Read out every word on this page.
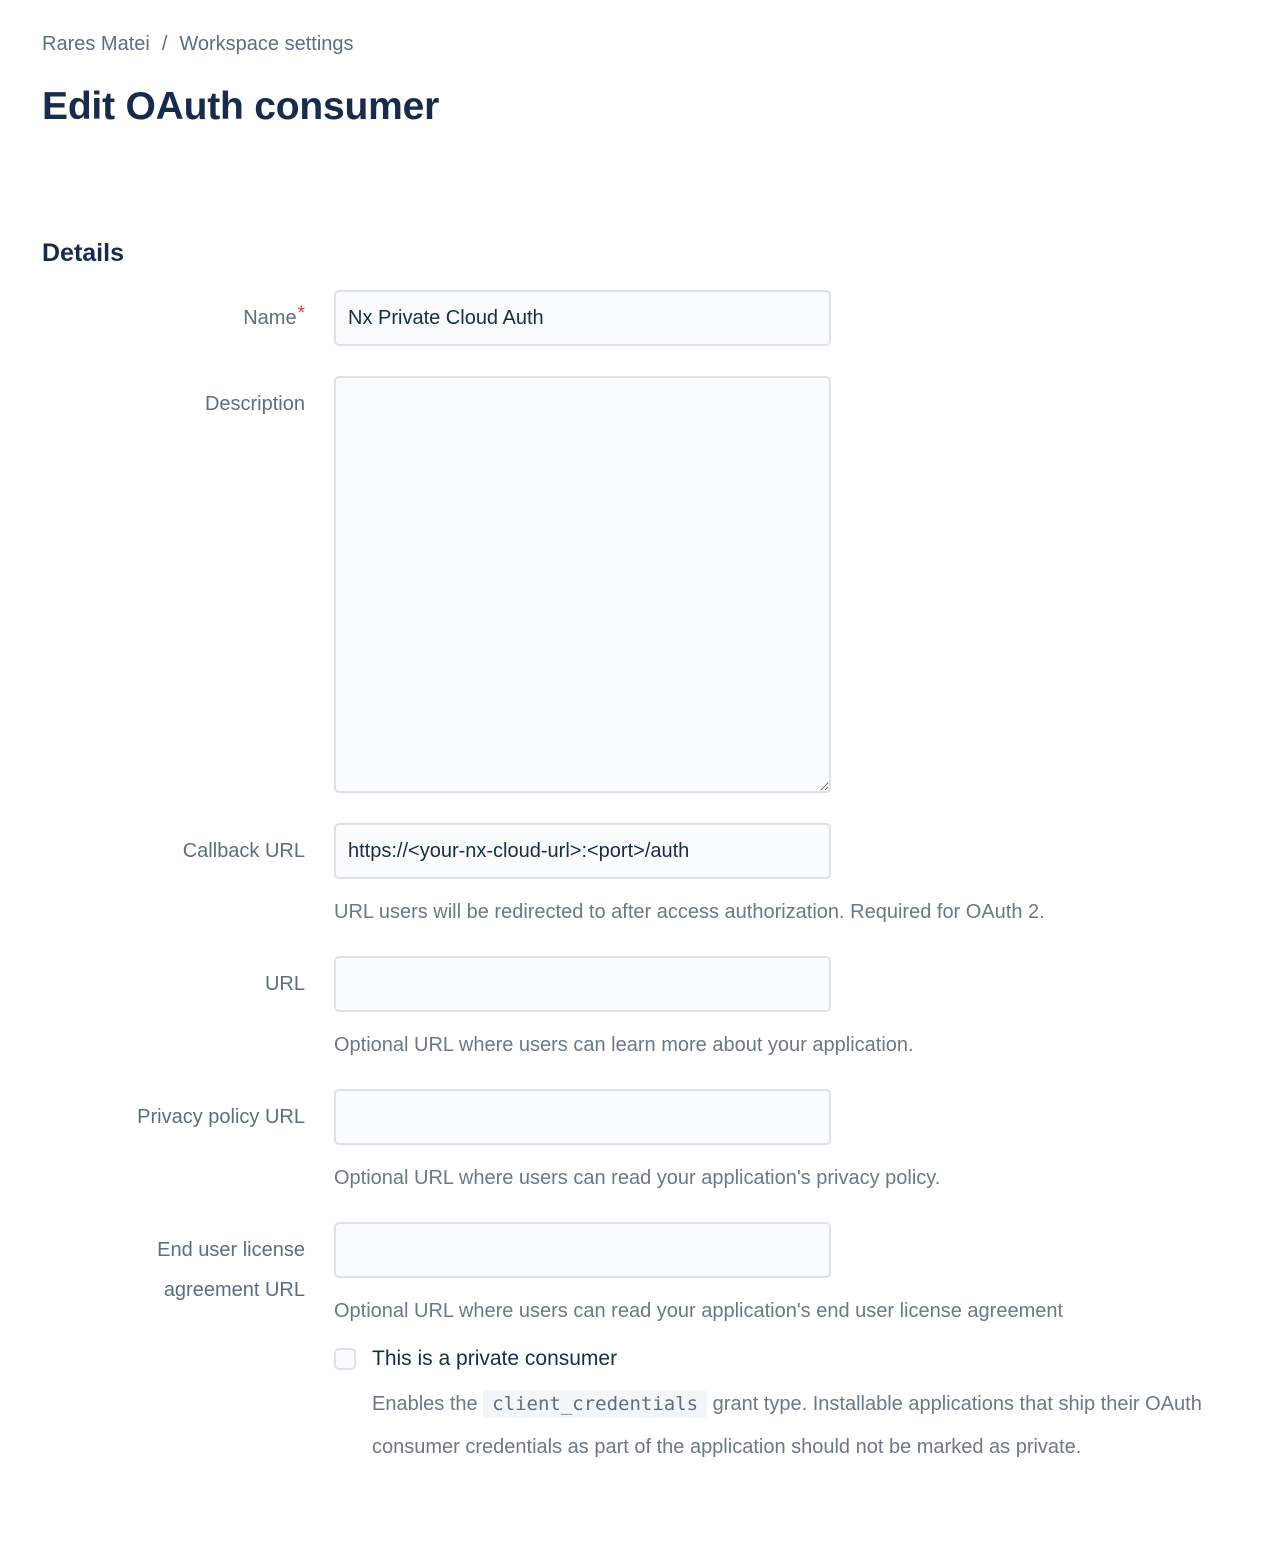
Rares Matei / Workspace settings
Edit OAuth consumer
Details
Name*
Nx Private Cloud Auth
Description
Callback URL
https://<your-nx-cloud-url>:<port>/auth
URL users will be redirected to after access authorization. Required for OAuth 2.
URL
Optional URL where users can learn more about your application.
Privacy policy URL
Optional URL where users can read your application's privacy policy.
End user license agreement URL
Optional URL where users can read your application's end user license agreement
This is a private consumer

Enables the client_credentials grant type. Installable applications that ship their OAuth consumer credentials as part of the application should not be marked as private.
